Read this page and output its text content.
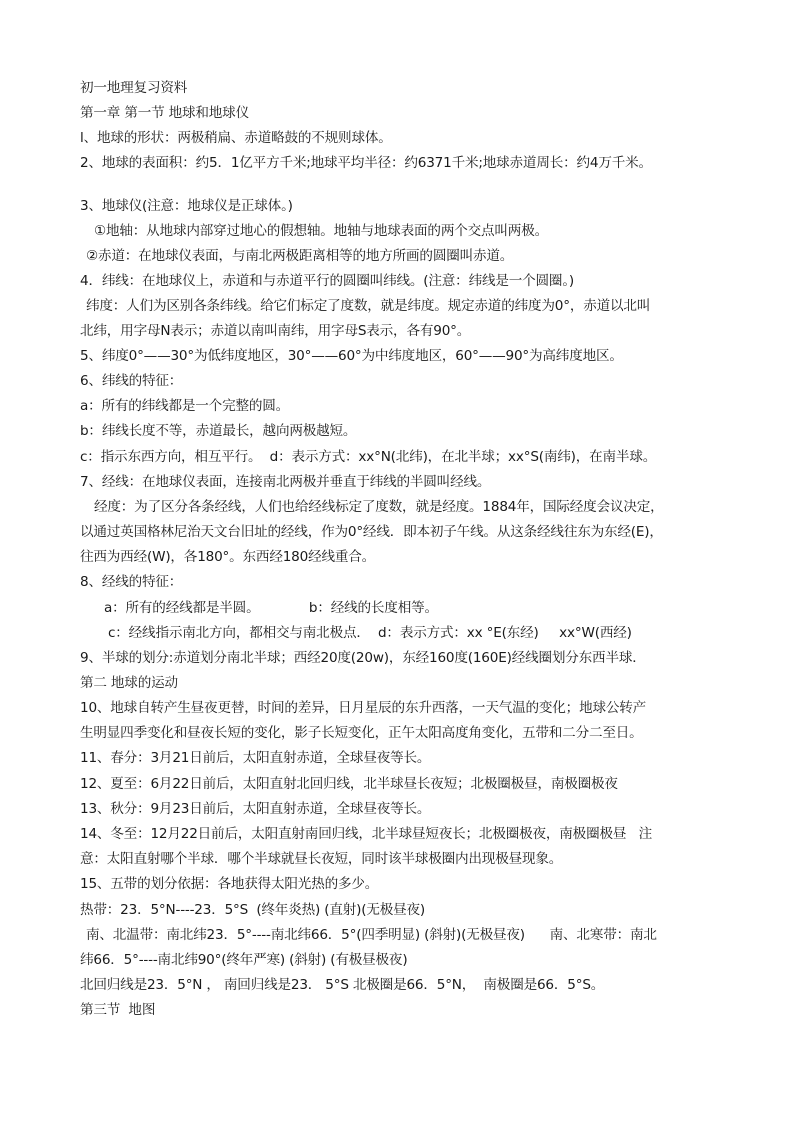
初一地理复习资料
第一章 第一节 地球和地球仪
l、地球的形状：两极稍扁、赤道略鼓的不规则球体。
2、地球的表面积：约5．1亿平方千米;地球平均半径：约6371千米;地球赤道周长：约4万千米。
3、地球仪(注意：地球仪是正球体。)
①地轴：从地球内部穿过地心的假想轴。地轴与地球表面的两个交点叫两极。
②赤道：在地球仪表面，与南北两极距离相等的地方所画的圆圈叫赤道。
4．纬线：在地球仪上，赤道和与赤道平行的圆圈叫纬线。(注意：纬线是一个圆圈。)
纬度：人们为区别各条纬线。给它们标定了度数，就是纬度。规定赤道的纬度为0°，赤道以北叫
北纬，用字母N表示；赤道以南叫南纬，用字母S表示，各有90°。
5、纬度0°——30°为低纬度地区，30°——60°为中纬度地区，60°——90°为高纬度地区。
6、纬线的特征：
a：所有的纬线都是一个完整的圆。
b：纬线长度不等，赤道最长，越向两极越短。
c：指示东西方向，相互平行。  d：表示方式：xx°N(北纬)，在北半球；xx°S(南纬)，在南半球。
7、经线：在地球仪表面，连接南北两极并垂直于纬线的半圆叫经线。
经度：为了区分各条经线，人们也给经线标定了度数，就是经度。1884年，国际经度会议决定，
以通过英国格林尼治天文台旧址的经线，作为0°经线．即本初子午线。从这条经线往东为东经(E)，
往西为西经(W)，各180°。东西经180经线重合。
8、经线的特征：
a：所有的经线都是半圆。            b：经线的长度相等。
c：经线指示南北方向，都相交与南北极点．  d：表示方式：xx °E(东经)     xx°W(西经)
9、半球的划分:赤道划分南北半球；西经20度(20w)，东经160度(160E)经线圈划分东西半球．
第二 地球的运动
10、地球自转产生昼夜更替，时间的差异，日月星辰的东升西落，一天气温的变化；地球公转产
生明显四季变化和昼夜长短的变化，影子长短变化，正午太阳高度角变化，五带和二分二至日。
11、春分：3月21日前后，太阳直射赤道，全球昼夜等长。
12、夏至：6月22日前后，太阳直射北回归线，北半球昼长夜短；北极圈极昼，南极圈极夜
13、秋分：9月23日前后，太阳直射赤道，全球昼夜等长。
14、冬至：12月22日前后，太阳直射南回归线，北半球昼短夜长；北极圈极夜，南极圈极昼   注
意：太阳直射哪个半球．哪个半球就昼长夜短，同时该半球极圈内出现极昼现象。
15、五带的划分依据：各地获得太阳光热的多少。
热带：23．5°N----23．5°S  (终年炎热) (直射)(无极昼夜)
南、北温带：南北纬23．5°----南北纬66．5°(四季明显) (斜射)(无极昼夜)      南、北寒带：南北
纬66．5°----南北纬90°(终年严寒) (斜射) (有极昼极夜)
北回归线是23．5°N ， 南回归线是23． 5°S 北极圈是66．5°N，  南极圈是66．5°S。
第三节  地图
